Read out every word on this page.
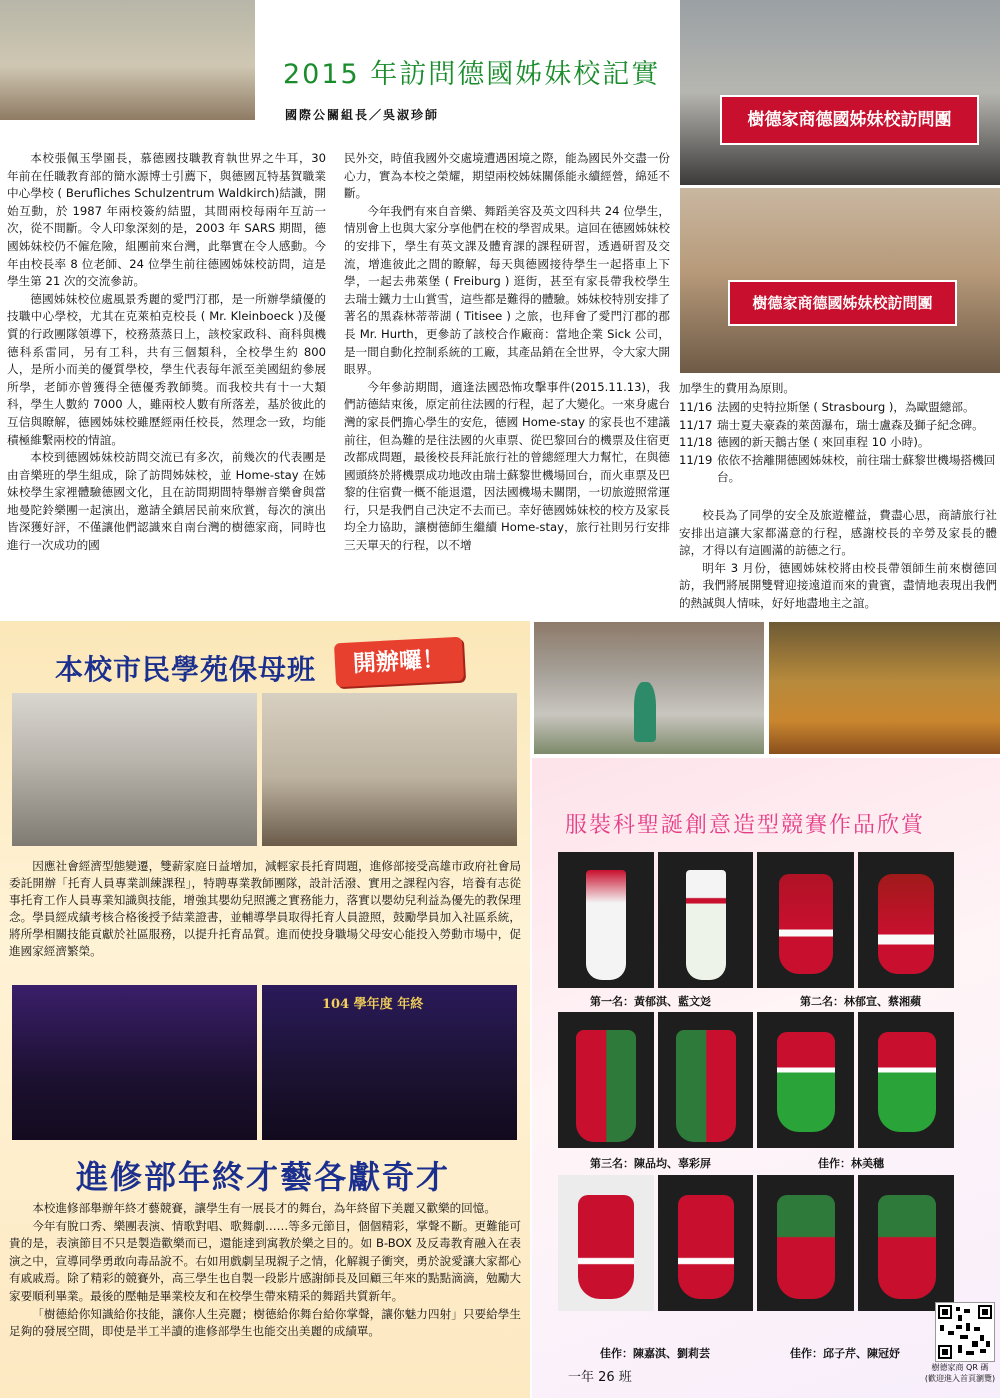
2015 年訪問德國姊妹校記實
國際公關組長／吳淑珍師	樹德家商德國姊妹校訪問團
樹德家商德國姊妹校訪問團

本校張佩玉學園長，慕德國技職教育執世界之牛耳，30 年前在任職教育部的簡水源博士引薦下，與德國瓦特基賀職業中心學校 ( Berufliches Schulzentrum Waldkirch)結識，開始互動，於 1987 年兩校簽約結盟，其間兩校每兩年互訪一次，從不間斷。令人印象深刻的是，2003 年 SARS 期間，德國姊妹校仍不僱危險，組團前來台灣，此舉實在令人感動。今年由校長率 8 位老師、24 位學生前往德國姊妹校訪問，這是學生第 21 次的交流參訪。

德國姊妹校位處風景秀麗的愛門汀郡，是一所辦學績優的技職中心學校，尤其在克萊柏克校長 ( Mr. Kleinboeck )及優質的行政團隊領導下，校務蒸蒸日上，該校家政科、商科與機德科系雷同，另有工科，共有三個類科，全校學生約 800 人，是所小而美的優質學校，學生代表每年派至美國紐約參展所學，老師亦曾獲得全德優秀教師獎。而我校共有十一大類科，學生人數約 7000 人，雖兩校人數有所落差，基於彼此的互信與瞭解，德國姊妹校雖歷經兩任校長，然理念一致，均能積極維繫兩校的情誼。

本校到德國姊妹校訪問交流已有多次，前幾次的代表團是由音樂班的學生組成，除了訪問姊妹校，並 Home-stay 在姊妹校學生家裡體驗德國文化，且在訪問期間特舉辦音樂會與當地曼陀鈴樂團一起演出，邀請全鎮居民前來欣賞，每次的演出皆深獲好評，不僅讓他們認識來自南台灣的樹德家商，同時也進行一次成功的國

民外交，時值我國外交處境遭遇困境之際，能為國民外交盡一份心力，實為本校之榮耀，期望兩校姊妹關係能永續經營，綿延不斷。

今年我們有來自音樂、舞蹈美容及英文四科共 24 位學生，情別會上也與大家分享他們在校的學習成果。這回在德國姊妹校的安排下，學生有英文課及體育課的課程研習，透過研習及交流，增進彼此之間的瞭解，每天與德國接待學生一起搭車上下學，一起去弗萊堡 ( Freiburg ) 逛街，甚至有家長帶我校學生去瑞士鐵力士山賞雪，這些都是難得的體驗。姊妹校特別安排了著名的黑森林蒂蒂湖 ( Titisee ) 之旅，也拜會了愛門汀郡的郡長 Mr. Hurth，更參訪了該校合作廠商：當地企業 Sick 公司，是一間自動化控制系統的工廠，其產品銷在全世界，令大家大開眼界。

今年參訪期間，適逢法國恐怖攻擊事件(2015.11.13)，我們訪德結束後，原定前往法國的行程，起了大變化。一來身處台灣的家長們擔心學生的安危，德國 Home-stay 的家長也不建議前往，但為難的是往法國的火車票、從巴黎回台的機票及住宿更改都成問題，最後校長拜託旅行社的曾總經理大力幫忙，在與德國頭終於將機票成功地改由瑞士蘇黎世機場回台，而火車票及巴黎的住宿費一概不能退還，因法國機場未關閉，一切旅遊照常運行，只是我們自己決定不去而已。幸好德國姊妹校的校方及家長均全力協助，讓樹德師生繼續 Home-stay，旅行社則另行安排三天單天的行程，以不增

加學生的費用為原則。

11/16 法國的史特拉斯堡 ( Strasbourg )，為歐盟總部。
11/17 瑞士夏夫豪森的萊茵瀑布，瑞士盧森及獅子紀念碑。
11/18 德國的新天鵝古堡 ( 來回車程 10 小時)。
11/19 依依不捨離開德國姊妹校，前往瑞士蘇黎世機場搭機回台。

校長為了同學的安全及旅遊權益，費盡心思，商請旅行社安排出這讓大家都滿意的行程，感謝校長的辛勞及家長的體諒，才得以有這圓滿的訪德之行。

明年 3 月份，德國姊妹校將由校長帶領師生前來樹德回訪，我們將展開雙臂迎接遠道而來的貴賓，盡情地表現出我們的熱誠與人情味，好好地盡地主之誼。

本校市民學苑保母班	開辦囉！

因應社會經濟型態變遷，雙薪家庭日益增加，減輕家長托育問題，進修部接受高雄市政府社會局委託開辦「托育人員專業訓練課程」，特聘專業教師團隊，設計活潑、實用之課程內容，培養有志從事托育工作人員專業知識與技能，增強其嬰幼兒照護之實務能力，落實以嬰幼兒利益為優先的教保理念。學員經成績考核合格後授予結業證書，並輔導學員取得托育人員證照，鼓勵學員加入社區系統，將所學相關技能貢獻於社區服務，以提升托育品質。進而使投身職場父母安心能投入勞動市場中，促進國家經濟繁榮。

104 學年度 年終
進修部年終才藝各獻奇才

本校進修部舉辦年終才藝競賽，讓學生有一展長才的舞台，為年終留下美麗又歡樂的回憶。

今年有脫口秀、樂團表演、情歌對唱、歌舞劇……等多元節目，個個精彩，掌聲不斷。更難能可貴的是，表演節目不只是製造歡樂而已，還能達到寓教於樂之目的。如 B-BOX 及反毒教育融入在表演之中，宣導同學勇敢向毒品說不。右如用戲劇呈現親子之情，化解親子衝突，勇於說愛讓大家都心有戚戚焉。除了精彩的競賽外，高三學生也自製一段影片感謝師長及回顧三年來的點點滴滴，勉勵大家要順利畢業。最後的壓軸是畢業校友和在校學生帶來精采的舞蹈共質新年。

「樹德給你知識給你技能，讓你人生亮麗；樹德給你舞台給你掌聲，讓你魅力四射」只要給學生足夠的發展空間，即使是半工半讀的進修部學生也能交出美麗的成績單。

服裝科聖誕創意造型競賽作品欣賞
第一名：黃郁淇、藍文彣	第二名：林郁宣、蔡湘蘋
第三名：陳品均、辜彩屏	佳作：林美穗
佳作：陳嘉淇、劉莉芸	佳作：邱子芹、陳冠妤
一年 26 班
樹德家商 QR 碼
(歡迎進入首頁瀏覽)
